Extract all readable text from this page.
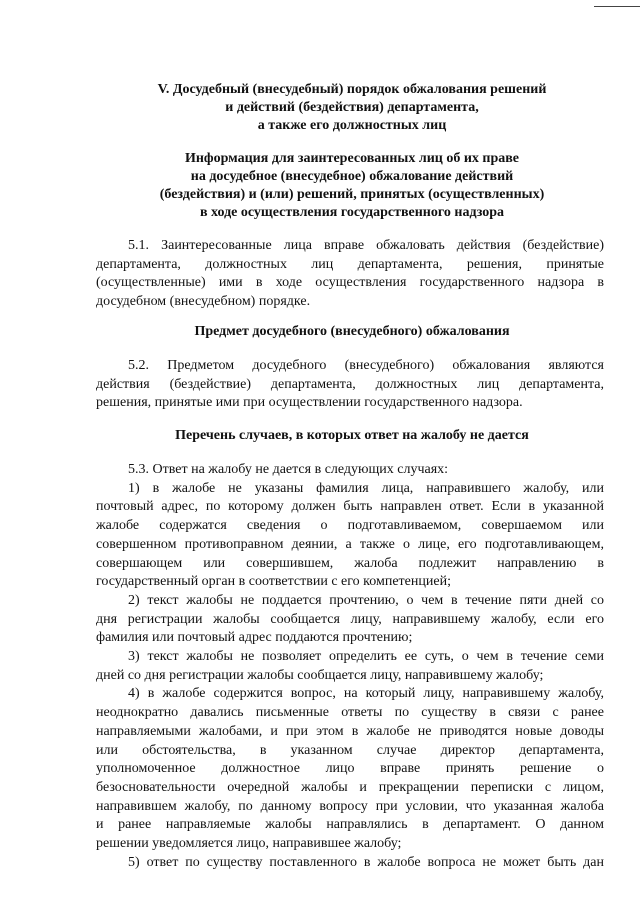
V. Досудебный (внесудебный) порядок обжалования решений
и действий (бездействия) департамента,
а также его должностных лиц
Информация для заинтересованных лиц об их праве
на досудебное (внесудебное) обжалование действий
(бездействия) и (или) решений, принятых (осуществленных)
в ходе осуществления государственного надзора
5.1. Заинтересованные лица вправе обжаловать действия (бездействие)
департамента, должностных лиц департамента, решения, принятые
(осуществленные) ими в ходе осуществления государственного надзора в
досудебном (внесудебном) порядке.
Предмет досудебного (внесудебного) обжалования
5.2. Предметом досудебного (внесудебного) обжалования являются
действия (бездействие) департамента, должностных лиц департамента,
решения, принятые ими при осуществлении государственного надзора.
Перечень случаев, в которых ответ на жалобу не дается
5.3. Ответ на жалобу не дается в следующих случаях:
1) в жалобе не указаны фамилия лица, направившего жалобу, или
почтовый адрес, по которому должен быть направлен ответ. Если в указанной
жалобе содержатся сведения о подготавливаемом, совершаемом или
совершенном противоправном деянии, а также о лице, его подготавливающем,
совершающем или совершившем, жалоба подлежит направлению в
государственный орган в соответствии с его компетенцией;
2) текст жалобы не поддается прочтению, о чем в течение пяти дней со
дня регистрации жалобы сообщается лицу, направившему жалобу, если его
фамилия или почтовый адрес поддаются прочтению;
3) текст жалобы не позволяет определить ее суть, о чем в течение семи
дней со дня регистрации жалобы сообщается лицу, направившему жалобу;
4) в жалобе содержится вопрос, на который лицу, направившему жалобу,
неоднократно давались письменные ответы по существу в связи с ранее
направляемыми жалобами, и при этом в жалобе не приводятся новые доводы
или обстоятельства, в указанном случае директор департамента,
уполномоченное должностное лицо вправе принять решение о
безосновательности очередной жалобы и прекращении переписки с лицом,
направившем жалобу, по данному вопросу при условии, что указанная жалоба
и ранее направляемые жалобы направлялись в департамент. О данном
решении уведомляется лицо, направившее жалобу;
5) ответ по существу поставленного в жалобе вопроса не может быть дан
